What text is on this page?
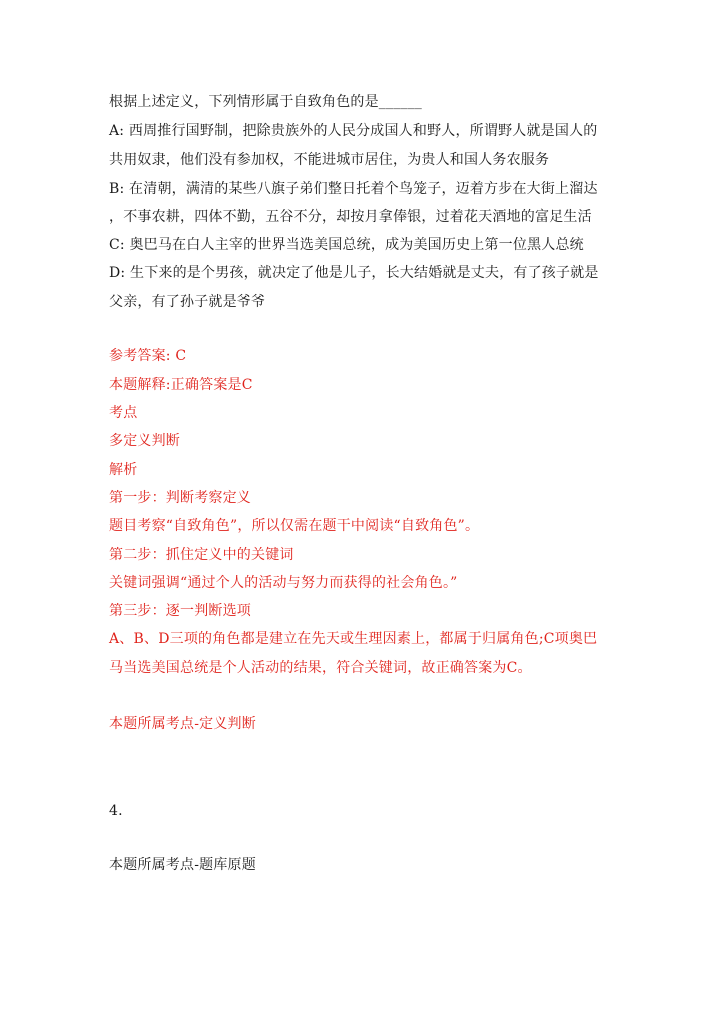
根据上述定义，下列情形属于自致角色的是______
A: 西周推行国野制，把除贵族外的人民分成国人和野人，所谓野人就是国人的
共用奴隶，他们没有参加权，不能进城市居住，为贵人和国人务农服务
B: 在清朝，满清的某些八旗子弟们整日托着个鸟笼子，迈着方步在大街上溜达
，不事农耕，四体不勤，五谷不分，却按月拿俸银，过着花天酒地的富足生活
C: 奥巴马在白人主宰的世界当选美国总统，成为美国历史上第一位黑人总统
D: 生下来的是个男孩，就决定了他是儿子，长大结婚就是丈夫，有了孩子就是
父亲，有了孙子就是爷爷
参考答案: C
本题解释:正确答案是C
考点
多定义判断
解析
第一步：判断考察定义
题目考察“自致角色”，所以仅需在题干中阅读“自致角色”。
第二步：抓住定义中的关键词
关键词强调“通过个人的活动与努力而获得的社会角色。”
第三步：逐一判断选项
A、B、D三项的角色都是建立在先天或生理因素上，都属于归属角色;C项奥巴
马当选美国总统是个人活动的结果，符合关键词，故正确答案为C。
本题所属考点-定义判断
4.
本题所属考点-题库原题
